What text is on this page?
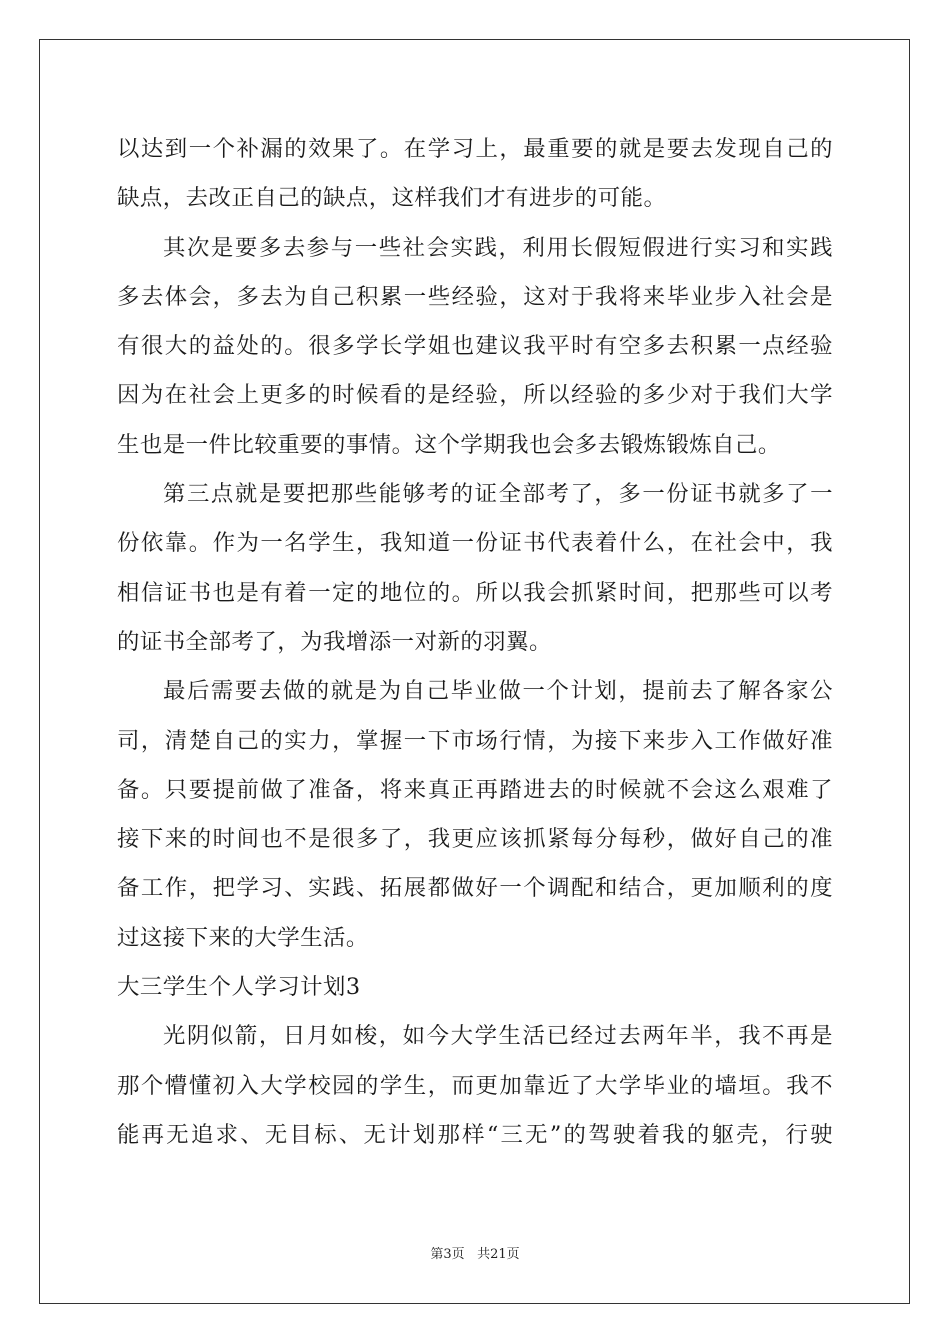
以达到一个补漏的效果了。在学习上，最重要的就是要去发现自己的
缺点，去改正自己的缺点，这样我们才有进步的可能。
其次是要多去参与一些社会实践，利用长假短假进行实习和实践
多去体会，多去为自己积累一些经验，这对于我将来毕业步入社会是
有很大的益处的。很多学长学姐也建议我平时有空多去积累一点经验
因为在社会上更多的时候看的是经验，所以经验的多少对于我们大学
生也是一件比较重要的事情。这个学期我也会多去锻炼锻炼自己。
第三点就是要把那些能够考的证全部考了，多一份证书就多了一
份依靠。作为一名学生，我知道一份证书代表着什么，在社会中，我
相信证书也是有着一定的地位的。所以我会抓紧时间，把那些可以考
的证书全部考了，为我增添一对新的羽翼。
最后需要去做的就是为自己毕业做一个计划，提前去了解各家公
司，清楚自己的实力，掌握一下市场行情，为接下来步入工作做好准
备。只要提前做了准备，将来真正再踏进去的时候就不会这么艰难了
接下来的时间也不是很多了，我更应该抓紧每分每秒，做好自己的准
备工作，把学习、实践、拓展都做好一个调配和结合，更加顺利的度
过这接下来的大学生活。
大三学生个人学习计划3
光阴似箭，日月如梭，如今大学生活已经过去两年半，我不再是
那个懵懂初入大学校园的学生，而更加靠近了大学毕业的墙垣。我不
能再无追求、无目标、无计划那样“三无”的驾驶着我的躯壳，行驶
第3页 共21页
